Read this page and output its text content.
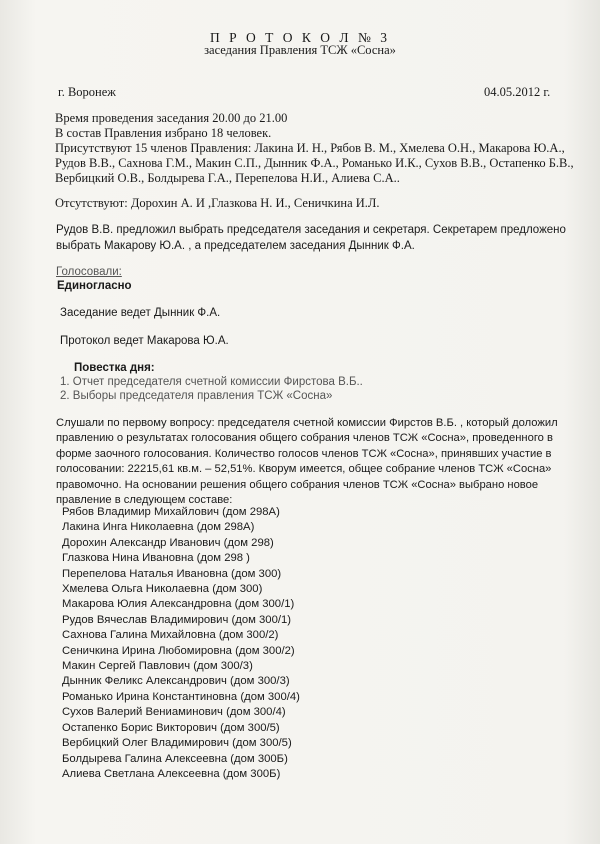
П Р О Т О К О Л № 3
заседания Правления ТСЖ «Сосна»
г. Воронеж	04.05.2012 г.
Время проведения заседания 20.00 до 21.00
В состав Правления избрано 18 человек.
Присутствуют 15 членов Правления: Лакина И. Н., Рябов В. М., Хмелева О.Н., Макарова Ю.А.,
Рудов В.В., Сахнова Г.М., Макин С.П., Дынник Ф.А., Романько И.К., Сухов В.В., Остапенко Б.В.,
Вербицкий О.В., Болдырева Г.А., Перепелова Н.И., Алиева С.А..
Отсутствуют: Дорохин А. И ,Глазкова Н. И., Сеничкина И.Л.
Рудов В.В. предложил выбрать председателя заседания и секретаря. Секретарем предложено
выбрать Макарову Ю.А. , а председателем заседания Дынник Ф.А.
Голосовали:
Единогласно
Заседание ведет Дынник Ф.А.
Протокол ведет Макарова Ю.А.
Повестка дня:
1. Отчет председателя счетной комиссии Фирстова В.Б..
2. Выборы председателя правления ТСЖ «Сосна»
Слушали по первому вопросу: председателя счетной комиссии Фирстов В.Б. , который доложил
правлению о результатах голосования общего собрания членов ТСЖ «Сосна», проведенного в
форме заочного голосования. Количество голосов членов ТСЖ «Сосна», принявших участие в
голосовании: 22215,61 кв.м. – 52,51%. Кворум имеется, общее собрание членов ТСЖ «Сосна»
правомочно. На основании решения общего собрания членов ТСЖ «Сосна» выбрано новое
правление в следующем составе:
Рябов Владимир Михайлович (дом 298А)
Лакина Инга Николаевна (дом 298А)
Дорохин Александр Иванович (дом 298)
Глазкова Нина Ивановна (дом 298 )
Перепелова Наталья Ивановна (дом 300)
Хмелева Ольга Николаевна (дом 300)
Макарова Юлия Александровна (дом 300/1)
Рудов Вячеслав Владимирович (дом 300/1)
Сахнова Галина Михайловна (дом 300/2)
Сеничкина Ирина Любомировна (дом 300/2)
Макин Сергей Павлович (дом 300/3)
Дынник Феликс Александрович (дом 300/3)
Романько Ирина Константиновна (дом 300/4)
Сухов Валерий Вениаминович (дом 300/4)
Остапенко Борис Викторович (дом 300/5)
Вербицкий Олег Владимирович (дом 300/5)
Болдырева Галина Алексеевна (дом 300Б)
Алиева Светлана Алексеевна (дом 300Б)
